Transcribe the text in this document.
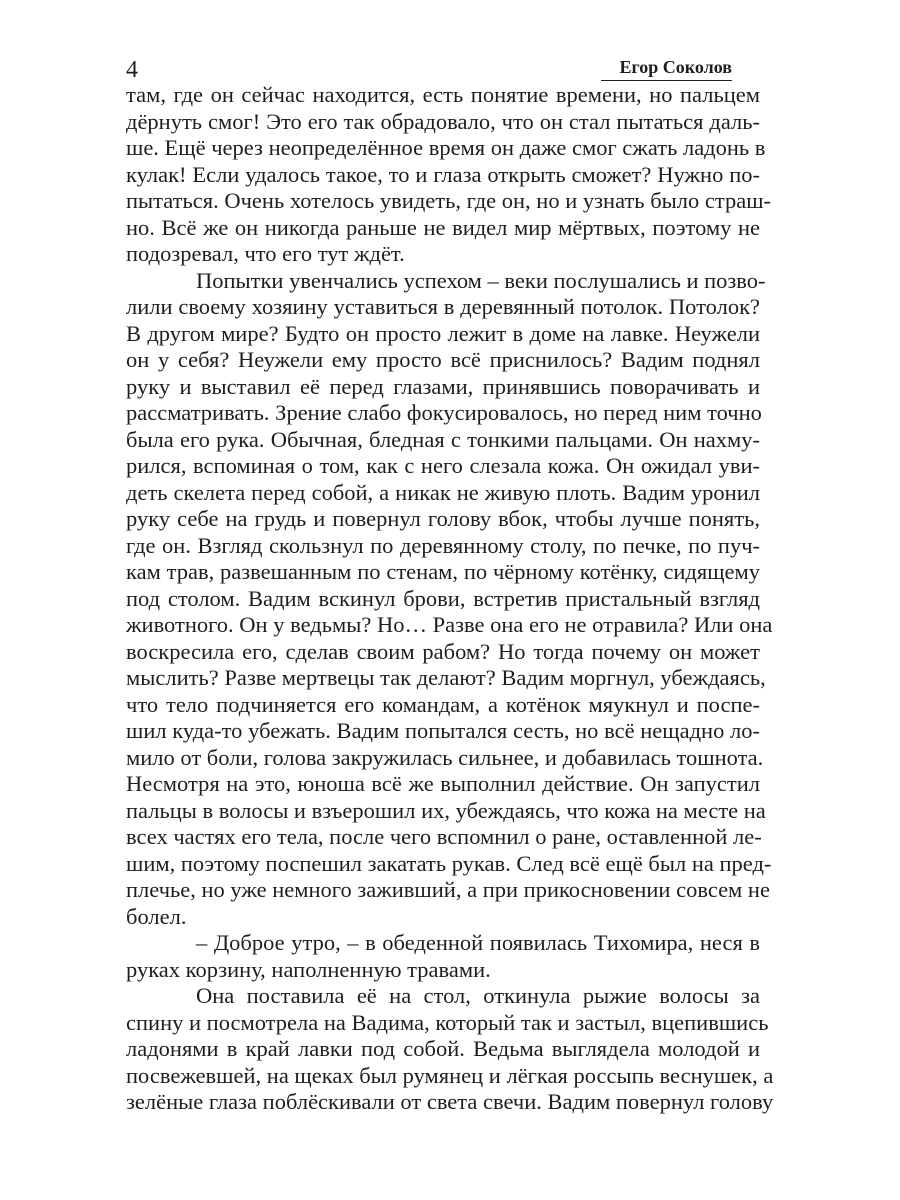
4	Егор Соколов
там, где он сейчас находится, есть понятие времени, но пальцем
дёрнуть смог! Это его так обрадовало, что он стал пытаться даль-
ше. Ещё через неопределённое время он даже смог сжать ладонь в
кулак! Если удалось такое, то и глаза открыть сможет? Нужно по-
пытаться. Очень хотелось увидеть, где он, но и узнать было страш-
но. Всё же он никогда раньше не видел мир мёртвых, поэтому не
подозревал, что его тут ждёт.
Попытки увенчались успехом – веки послушались и позво-
лили своему хозяину уставиться в деревянный потолок. Потолок?
В другом мире? Будто он просто лежит в доме на лавке. Неужели
он у себя? Неужели ему просто всё приснилось? Вадим поднял
руку и выставил её перед глазами, принявшись поворачивать и
рассматривать. Зрение слабо фокусировалось, но перед ним точно
была его рука. Обычная, бледная с тонкими пальцами. Он нахму-
рился, вспоминая о том, как с него слезала кожа. Он ожидал уви-
деть скелета перед собой, а никак не живую плоть. Вадим уронил
руку себе на грудь и повернул голову вбок, чтобы лучше понять,
где он. Взгляд скользнул по деревянному столу, по печке, по пуч-
кам трав, развешанным по стенам, по чёрному котёнку, сидящему
под столом. Вадим вскинул брови, встретив пристальный взгляд
животного. Он у ведьмы? Но… Разве она его не отравила? Или она
воскресила его, сделав своим рабом? Но тогда почему он может
мыслить? Разве мертвецы так делают? Вадим моргнул, убеждаясь,
что тело подчиняется его командам, а котёнок мяукнул и поспе-
шил куда-то убежать. Вадим попытался сесть, но всё нещадно ло-
мило от боли, голова закружилась сильнее, и добавилась тошнота.
Несмотря на это, юноша всё же выполнил действие. Он запустил
пальцы в волосы и взъерошил их, убеждаясь, что кожа на месте на
всех частях его тела, после чего вспомнил о ране, оставленной ле-
шим, поэтому поспешил закатать рукав. След всё ещё был на пред-
плечье, но уже немного заживший, а при прикосновении совсем не
болел.
– Доброе утро, – в обеденной появилась Тихомира, неся в
руках корзину, наполненную травами.
Она поставила её на стол, откинула рыжие волосы за
спину и посмотрела на Вадима, который так и застыл, вцепившись
ладонями в край лавки под собой. Ведьма выглядела молодой и
посвежевшей, на щеках был румянец и лёгкая россыпь веснушек, а
зелёные глаза поблёскивали от света свечи. Вадим повернул голову
